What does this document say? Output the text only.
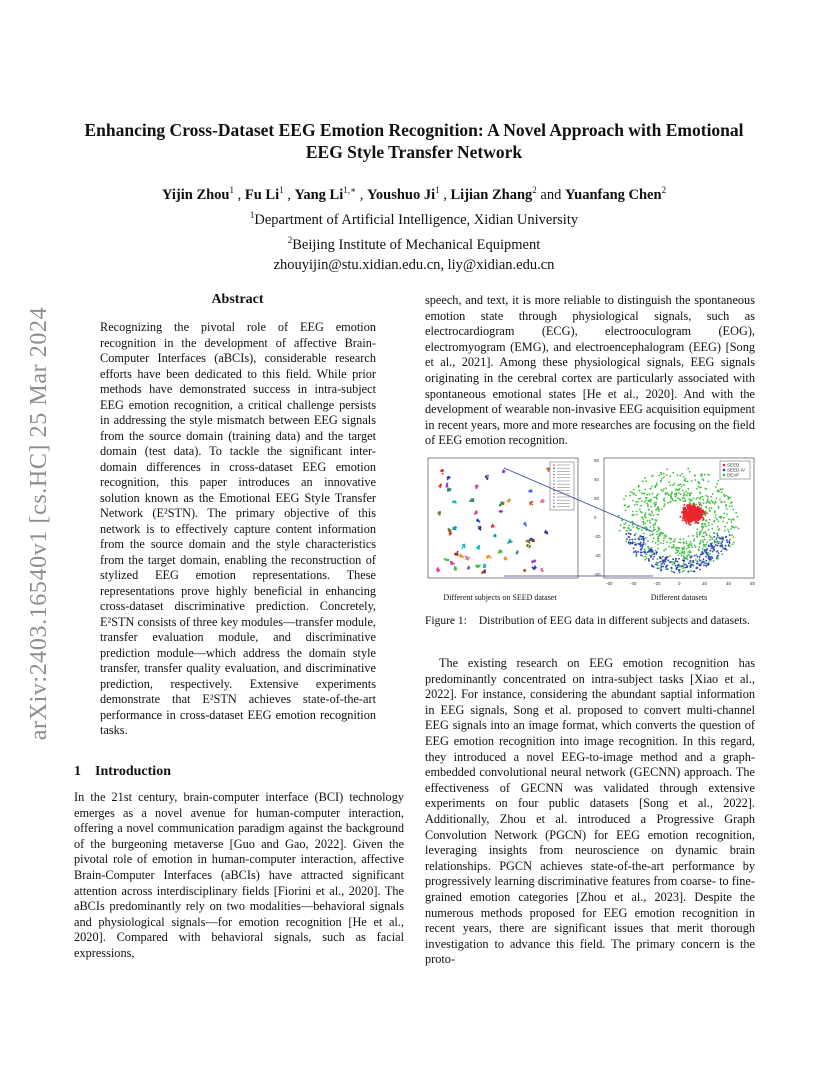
arXiv:2403.16540v1 [cs.HC] 25 Mar 2024
Enhancing Cross-Dataset EEG Emotion Recognition: A Novel Approach with Emotional EEG Style Transfer Network
Yijin Zhou$^1$ , Fu Li$^1$ , Yang $Li^{1,∗}$ , Youshuo Ji$^1$ , Lijian Zhang$^2$ and Yuanfang Chen$^2$
$^1$Department of Artificial Intelligence, Xidian University
$^2$Beijing Institute of Mechanical Equipment
zhouyijin@stu.xidian.edu.cn, liy@xidian.edu.cn
Abstract

Recognizing the pivotal role of EEG emotion recognition in the development of affective Brain-Computer Interfaces (aBCIs), considerable research efforts have been dedicated to this field. While prior methods have demonstrated success in intra-subject EEG emotion recognition, a critical challenge persists in addressing the style mismatch between EEG signals from the source domain (training data) and the target domain (test data). To tackle the significant inter-domain differences in cross-dataset EEG emotion recognition, this paper introduces an innovative solution known as the Emotional EEG Style Transfer Network (E²STN). The primary objective of this network is to effectively capture content information from the source domain and the style characteristics from the target domain, enabling the reconstruction of stylized EEG emotion representations. These representations prove highly beneficial in enhancing cross-dataset discriminative prediction. Concretely, E²STN consists of three key modules—transfer module, transfer evaluation module, and discriminative prediction module—which address the domain style transfer, transfer quality evaluation, and discriminative prediction, respectively. Extensive experiments demonstrate that E²STN achieves state-of-the-art performance in cross-dataset EEG emotion recognition tasks.

1 Introduction

In the 21st century, brain-computer interface (BCI) technology emerges as a novel avenue for human-computer interaction, offering a novel communication paradigm against the background of the burgeoning metaverse [Guo and Gao, 2022]. Given the pivotal role of emotion in human-computer interaction, affective Brain-Computer Interfaces (aBCIs) have attracted significant attention across interdisciplinary fields [Fiorini et al., 2020]. The aBCIs predominantly rely on two modalities—behavioral signals and physiological signals—for emotion recognition [He et al., 2020]. Compared with behavioral signals, such as facial expressions,

speech, and text, it is more reliable to distinguish the spontaneous emotion state through physiological signals, such as electrocardiogram (ECG), electrooculogram (EOG), electromyogram (EMG), and electroencephalogram (EEG) [Song et al., 2021]. Among these physiological signals, EEG signals originating in the cerebral cortex are particularly associated with spontaneous emotional states [He et al., 2020]. And with the development of wearable non-invasive EEG acquisition equipment in recent years, more and more researches are focusing on the field of EEG emotion recognition.

SEED
SEED-IV
DEAP
-60	-40	-20	0	20	40	60
60
40
20
0
-20
-40
-60
Different subjects on SEED dataset	Different datasets

Figure 1: Distribution of EEG data in different subjects and datasets.

The existing research on EEG emotion recognition has predominantly concentrated on intra-subject tasks [Xiao et al., 2022]. For instance, considering the abundant saptial information in EEG signals, Song et al. proposed to convert multi-channel EEG signals into an image format, which converts the question of EEG emotion recognition into image recognition. In this regard, they introduced a novel EEG-to-image method and a graph-embedded convolutional neural network (GECNN) approach. The effectiveness of GECNN was validated through extensive experiments on four public datasets [Song et al., 2022]. Additionally, Zhou et al. introduced a Progressive Graph Convolution Network (PGCN) for EEG emotion recognition, leveraging insights from neuroscience on dynamic brain relationships. PGCN achieves state-of-the-art performance by progressively learning discriminative features from coarse- to fine-grained emotion categories [Zhou et al., 2023]. Despite the numerous methods proposed for EEG emotion recognition in recent years, there are significant issues that merit thorough investigation to advance this field. The primary concern is the proto-
